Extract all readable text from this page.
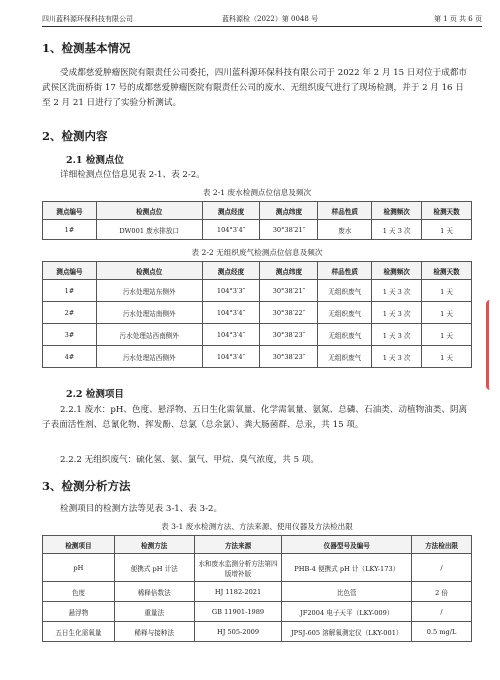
四川蓝科源环保科技有限公司	蓝科源检（2022）第 0048 号	第 1 页 共 6 页
1、检测基本情况
受成都慈爱肿瘤医院有限责任公司委托，四川蓝科源环保科技有限公司于 2022 年 2 月 15 日对位于成都市武侯区洗面桥街 17 号的成都慈爱肿瘤医院有限责任公司的废水、无组织废气进行了现场检测，并于 2 月 16 日至 2 月 21 日进行了实验分析测试。
2、检测内容
2.1 检测点位
详细检测点位信息见表 2-1、表 2-2。
表 2-1 废水检测点位信息及频次
测点编号	检测点位	测点经度	测点纬度	样品性质	检测频次	检测天数
1#	DW001 废水排放口	104°3′4″	30°38′21″	废水	1 天 3 次	1 天
表 2-2 无组织废气检测点位信息及频次
测点编号	检测点位	测点经度	测点纬度	样品性质	检测频次	检测天数
1#	污水处理站东侧外	104°3′3″	30°38′21″	无组织废气	1 天 3 次	1 天
2#	污水处理站南侧外	104°3′4″	30°38′22″	无组织废气	1 天 3 次	1 天
3#	污水处理站西南侧外	104°3′4″	30°38′23″	无组织废气	1 天 3 次	1 天
4#	污水处理站西侧外	104°3′4″	30°38′23″	无组织废气	1 天 3 次	1 天
2.2 检测项目
2.2.1 废水：pH、色度、悬浮物、五日生化需氧量、化学需氧量、氨氮、总磷、石油类、动植物油类、阴离子表面活性剂、总氰化物、挥发酚、总氯（总余氯）、粪大肠菌群、总汞，共 15 项。
2.2.2 无组织废气：硫化氢、氨、氯气、甲烷、臭气浓度，共 5 项。
3、检测分析方法
检测项目的检测方法等见表 3-1、表 3-2。
表 3-1 废水检测方法、方法来源、使用仪器及方法检出限
检测项目	检测方法	方法来源	仪器型号及编号	方法检出限
pH	便携式 pH 计法	水和废水监测分析方法第四版增补版	PHB-4 便携式 pH 计（LKY-173）	/
色度	稀释倍数法	HJ 1182-2021	比色管	2 倍
悬浮物	重量法	GB 11901-1989	JF2004 电子天平（LKY-009）	/
五日生化需氧量	稀释与接种法	HJ 505-2009	JPSJ-605 溶解氧测定仪（LKY-001）	0.5 mg/L
